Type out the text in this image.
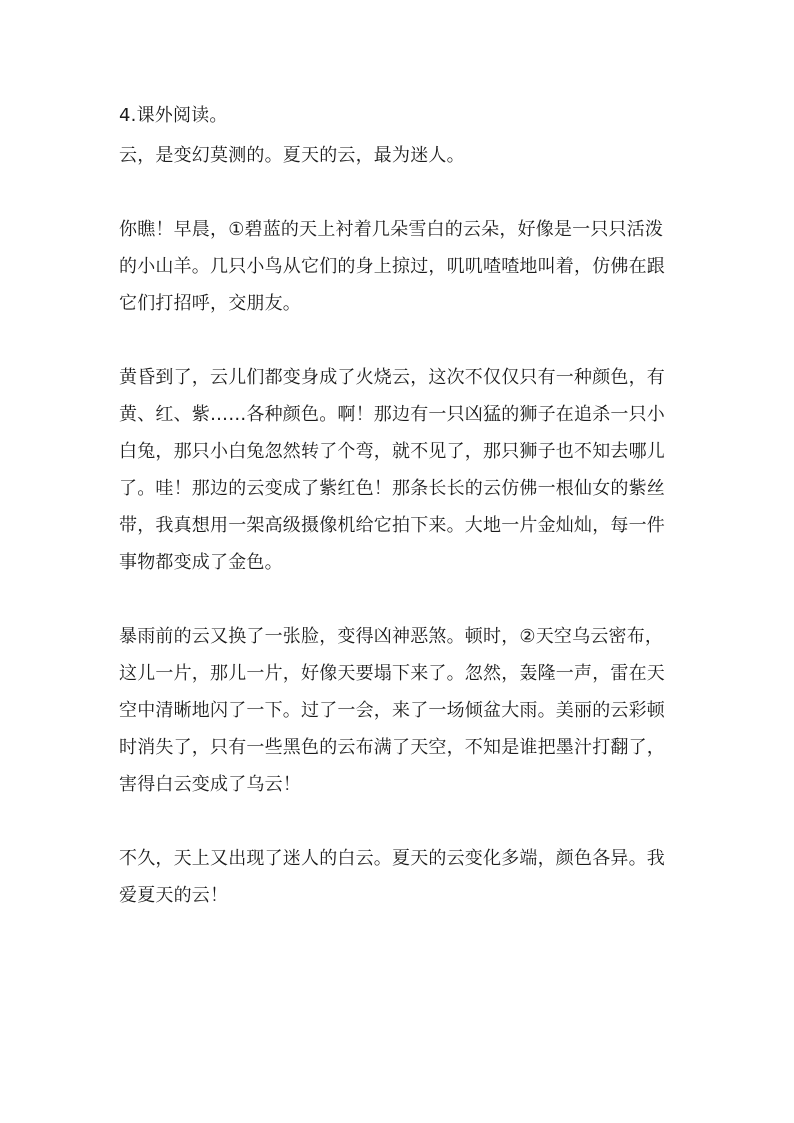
4.课外阅读。
云，是变幻莫测的。夏天的云，最为迷人。
你瞧！早晨，①碧蓝的天上衬着几朵雪白的云朵，好像是一只只活泼
的小山羊。几只小鸟从它们的身上掠过，叽叽喳喳地叫着，仿佛在跟
它们打招呼，交朋友。
黄昏到了，云儿们都变身成了火烧云，这次不仅仅只有一种颜色，有
黄、红、紫……各种颜色。啊！那边有一只凶猛的狮子在追杀一只小
白兔，那只小白兔忽然转了个弯，就不见了，那只狮子也不知去哪儿
了。哇！那边的云变成了紫红色！那条长长的云仿佛一根仙女的紫丝
带，我真想用一架高级摄像机给它拍下来。大地一片金灿灿，每一件
事物都变成了金色。
暴雨前的云又换了一张脸，变得凶神恶煞。顿时，②天空乌云密布，
这儿一片，那儿一片，好像天要塌下来了。忽然，轰隆一声，雷在天
空中清晰地闪了一下。过了一会，来了一场倾盆大雨。美丽的云彩顿
时消失了，只有一些黑色的云布满了天空，不知是谁把墨汁打翻了，
害得白云变成了乌云！
不久，天上又出现了迷人的白云。夏天的云变化多端，颜色各异。我
爱夏天的云！
